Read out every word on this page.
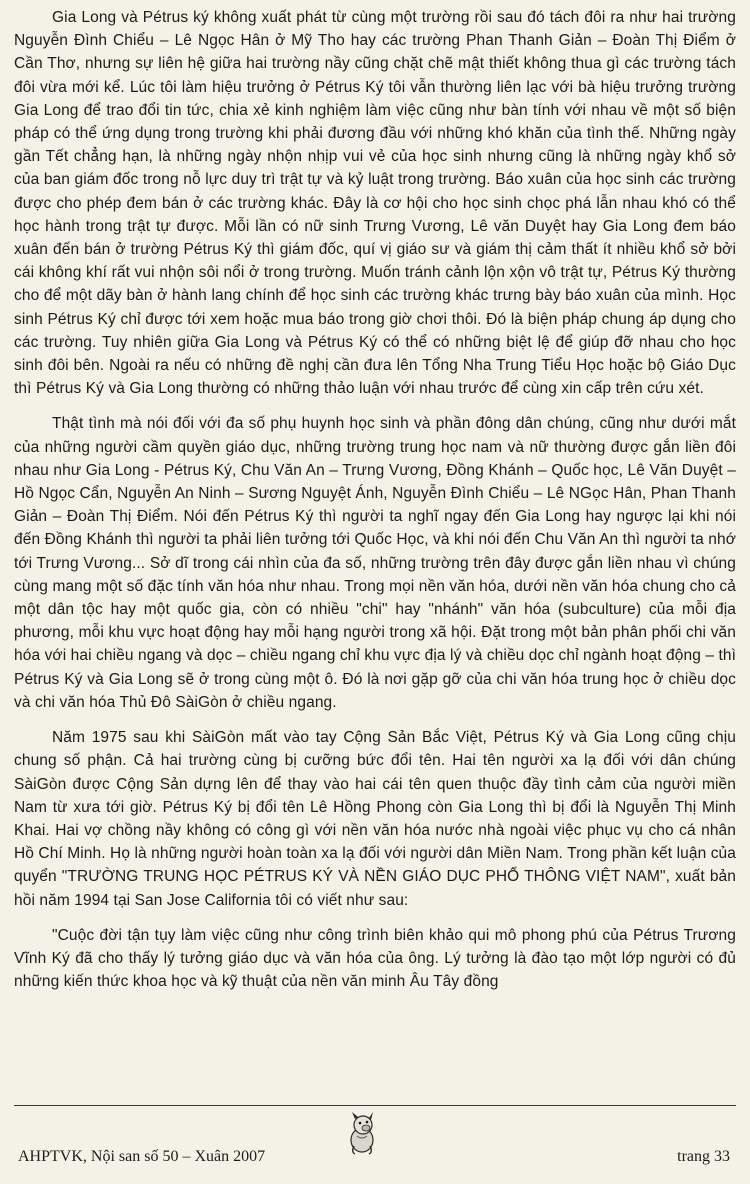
Gia Long và Pétrus ký không xuất phát từ cùng một trường rồi sau đó tách đôi ra như hai trường Nguyễn Đình Chiểu – Lê Ngọc Hân ở Mỹ Tho hay các trường Phan Thanh Giản – Đoàn Thị Điểm ở Cần Thơ, nhưng sự liên hệ giữa hai trường nầy cũng chặt chẽ mật thiết không thua gì các trường tách đôi vừa mới kể. Lúc tôi làm hiệu trưởng ở Pétrus Ký tôi vẫn thường liên lạc với bà hiệu trưởng trường Gia Long để trao đổi tin tức, chia xẻ kinh nghiệm làm việc cũng như bàn tính với nhau về một số biện pháp có thể ứng dụng trong trường khi phải đương đầu với những khó khăn của tình thế. Những ngày gần Tết chẳng hạn, là những ngày nhộn nhịp vui vẻ của học sinh nhưng cũng là những ngày khổ sở của ban giám đốc trong nỗ lực duy trì trật tự và kỷ luật trong trường. Báo xuân của học sinh các trường được cho phép đem bán ở các trường khác. Đây là cơ hội cho học sinh chọc phá lẫn nhau khó có thể học hành trong trật tự được. Mỗi lần có nữ sinh Trưng Vương, Lê văn Duyệt hay Gia Long đem báo xuân đến bán ở trường Pétrus Ký thì giám đốc, quí vị giáo sư và giám thị cảm thất ít nhiều khổ sở bởi cái không khí rất vui nhộn sôi nổi ở trong trường. Muốn tránh cảnh lộn xộn vô trật tự, Pétrus Ký thường cho để một dãy bàn ở hành lang chính để học sinh các trường khác trưng bày báo xuân của mình. Học sinh Pétrus Ký chỉ được tới xem hoặc mua báo trong giờ chơi thôi. Đó là biện pháp chung áp dụng cho các trường. Tuy nhiên giữa Gia Long và Pétrus Ký có thể có những biệt lệ để giúp đỡ nhau cho học sinh đôi bên. Ngoài ra nếu có những đề nghị cần đưa lên Tổng Nha Trung Tiểu Học hoặc bộ Giáo Dục thì Pétrus Ký và Gia Long thường có những thảo luận với nhau trước để cùng xin cấp trên cứu xét.

Thật tình mà nói đối với đa số phụ huynh học sinh và phần đông dân chúng, cũng như dưới mắt của những người cầm quyền giáo dục, những trường trung học nam và nữ thường được gắn liền đôi nhau như Gia Long - Pétrus Ký, Chu Văn An – Trưng Vương, Đồng Khánh – Quốc học, Lê Văn Duyệt – Hồ Ngọc Cẩn, Nguyễn An Ninh – Sương Nguyệt Ánh, Nguyễn Đình Chiểu – Lê NGọc Hân, Phan Thanh Giản – Đoàn Thị Điểm. Nói đến Pétrus Ký thì người ta nghĩ ngay đến Gia Long hay ngược lại khi nói đến Đồng Khánh thì người ta phải liên tưởng tới Quốc Học, và khi nói đến Chu Văn An thì người ta nhớ tới Trưng Vương... Sở dĩ trong cái nhìn của đa số, những trường trên đây được gắn liền nhau vì chúng cùng mang một số đặc tính văn hóa như nhau. Trong mọi nền văn hóa, dưới nền văn hóa chung cho cả một dân tộc hay một quốc gia, còn có nhiều "chi" hay "nhánh" văn hóa (subculture) của mỗi địa phương, mỗi khu vực hoạt động hay mỗi hạng người trong xã hội. Đặt trong một bản phân phối chi văn hóa với hai chiều ngang và dọc – chiều ngang chỉ khu vực địa lý và chiều dọc chỉ ngành hoạt động – thì Pétrus Ký và Gia Long sẽ ở trong cùng một ô. Đó là nơi gặp gỡ của chi văn hóa trung học ở chiều dọc và chi văn hóa Thủ Đô SàiGòn ở chiều ngang.

Năm 1975 sau khi SàiGòn mất vào tay Cộng Sản Bắc Việt, Pétrus Ký và Gia Long cũng chịu chung số phận. Cả hai trường cùng bị cưỡng bức đổi tên. Hai tên người xa lạ đối với dân chúng SàiGòn được Cộng Sản dựng lên để thay vào hai cái tên quen thuộc đầy tình cảm của người miền Nam từ xưa tới giờ. Pétrus Ký bị đổi tên Lê Hồng Phong còn Gia Long thì bị đổi là Nguyễn Thị Minh Khai. Hai vợ chồng nầy không có công gì với nền văn hóa nước nhà ngoài việc phục vụ cho cá nhân Hồ Chí Minh. Họ là những người hoàn toàn xa lạ đối với người dân Miền Nam. Trong phần kết luận của quyển "TRƯỜNG TRUNG HỌC PÉTRUS KÝ VÀ NỀN GIÁO DỤC PHỔ THÔNG VIỆT NAM", xuất bản hồi năm 1994 tại San Jose California tôi có viết như sau:

"Cuộc đời tận tụy làm việc cũng như công trình biên khảo qui mô phong phú của Pétrus Trương Vĩnh Ký đã cho thấy lý tưởng giáo dục và văn hóa của ông. Lý tưởng là đào tạo một lớp người có đủ những kiến thức khoa học và kỹ thuật của nền văn minh Âu Tây đồng

AHPTVK, Nội san số 50 – Xuân 2007	trang 33
